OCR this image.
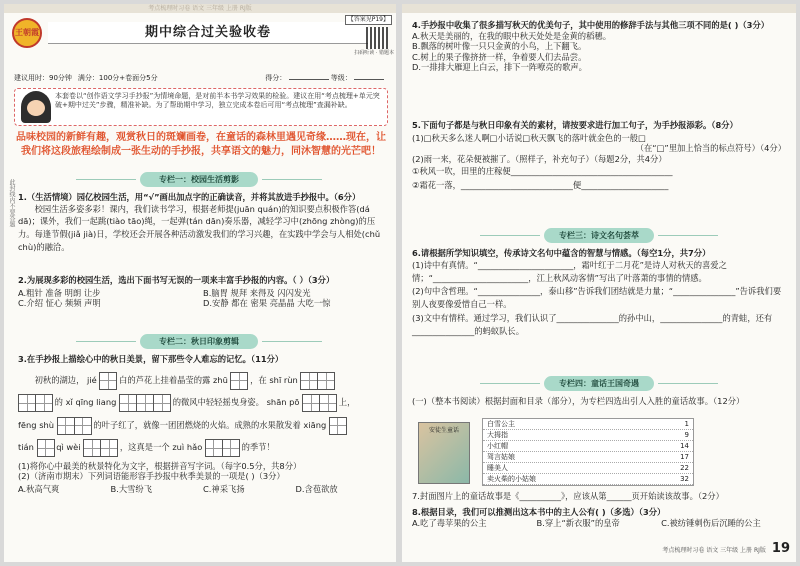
考点梳理时习卷 语文 三年级 上册 RJ版
王朝霞	期中综合过关验收卷
【答案见P19】
扫码听读 · 错题本
建议用时：90分钟 满分：100分+卷面分5分	得分：	等级：
本套卷以“创作语文学习手抄报”为情境命题，是对前半本书学习效果的检验。建议在用“考点梳理+单元突破+期中过关”步骤，精准补缺。为了帮助期中学习，独立完成本卷后可用“考点梳理”查漏补缺。
品味校园的新鲜有趣，观赏秋日的斑斓画卷，在童话的森林里遇见奇缘……现在，让我们将这段旅程绘制成一张生动的手抄报，共享语文的魅力，同沐智慧的光芒吧！
此封线内不要答题	专栏一：校园生活剪影
1.（生活情境）园亿校园生活，用“√”画出加点字的正确读音，并将其放进手抄报中。（6分）
校园生活多姿多彩！课内，我们读书学习，根据老师提(juān quán)的知识要点积极作答(dá dā)；课外，我们一起跳(tiào tāo)绳，一起弹(tán dān)奏乐器，减轻学习中(zhōng zhòng)的压力。每逢节假(jiǎ jià)日，学校还会开展各种活动激发我们的学习兴趣，在实践中学会与人相处(chǔ chù)的融洽。
2.为展现多彩的校园生活，选出下面书写无误的一项来丰富手抄报的内容。（ ）（3分）
A.粗针 准备 明朗 让步	B.脑胃 规拜 来得及 闪闪发光
C.介绍 怔心 频频 声明	D.安静 都在 密果 亮晶晶 大吃一惊
专栏二：秋日印象剪辑
3.在手抄报上描绘心中的秋日美景，留下那些令人难忘的记忆。（11分）
初秋的湖边， jié	白的芦花上挂着晶莹的露 zhū	，在 shī rùn
的 xǐ qīng liang	的微风中轻轻摇曳身姿。 shān pō	上，
fēng shù	的叶子红了，就像一团团燃烧的火焰。成熟的水果散发着 xiāng
tián	qì wèi	，这真是一个 zuì hǎo	的季节！
(1)将你心中最美的秋景特化为文字，根据拼音写字词。（每字0.5分，共8分）
(2)（济南市期末）下列词语能形容手抄报中秋季美景的一项是( )（3分）
A.秋高气爽	B.大雪纷飞	C.神采飞扬	D.含苞欲放
4.手抄报中收集了很多描写秋天的优美句子，其中使用的修辞手法与其他三项不同的是( )（3分）
A.秋天是美丽的，在我的眼中秋天处处是金黄的稻穗。
B.飘落的树叶像一只只金黄的小鸟，上下翻飞。
C.树上的果子像挤挤一样，争着要人们去品尝。
D.一排排大雁迎上白云，排下一阵嘹亮的歌声。
5.下面句子都是与秋日印象有关的素材，请按要求进行加工句子，为手抄报添彩。（8分）
(1)□秋天多么迷人啊□小话说□秋天飘飞的落叶就金色的一般□
（在“□”里加上恰当的标点符号）（4分）
(2)雨一来，花朵便被摧了。（照样子，补充句子）（每题2分，共4分）
①秋风一吹，田里的庄稼便_______________________________________
②霜花一落，___________________________便_____________________
专栏三：诗文名句荟萃
6.请根据所学知识填空，传承诗文名句中蕴含的智慧与情感。（每空1分，共7分）
(1)诗中有真情。“_______________________，霜叶红于二月花”是诗人对秋天的喜爱之情；“_______________________，江上秋风动客情”写出了叶落萧的事情的情感。
(2)句中含哲理。“_______________，泰山移”告诉我们团结就是力量；“_______________”告诉我们要别人夜要像爱惜自己一样。
(3)文中有情样。通过学习，我们认识了_______________的孙中山，_______________的青蛙，还有_______________的蚂蚁队长。
专栏四：童话王国奇遇
(一)（整本书阅读）根据封面和目录（部分），为专栏四选出引人入胜的童话故事。（12分）
安徒生童话
白雪公主	1
大拇指	9
小红帽	14
驾言姑娘	17
睡美人	22
卖火柴的小姑娘	32
7.封面图片上的童话故事是《__________》，应该从第______页开始读该故事。（2分）
8.根据目录，我们可以推测出这本书中的主人公有( )（多选）（3分）
A.吃了毒苹果的公主	B.穿上“新衣服”的皇帝	C.被纺锤刺伤后沉睡的公主
考点梳理时习卷 语文 三年级 上册 RJ版 19
